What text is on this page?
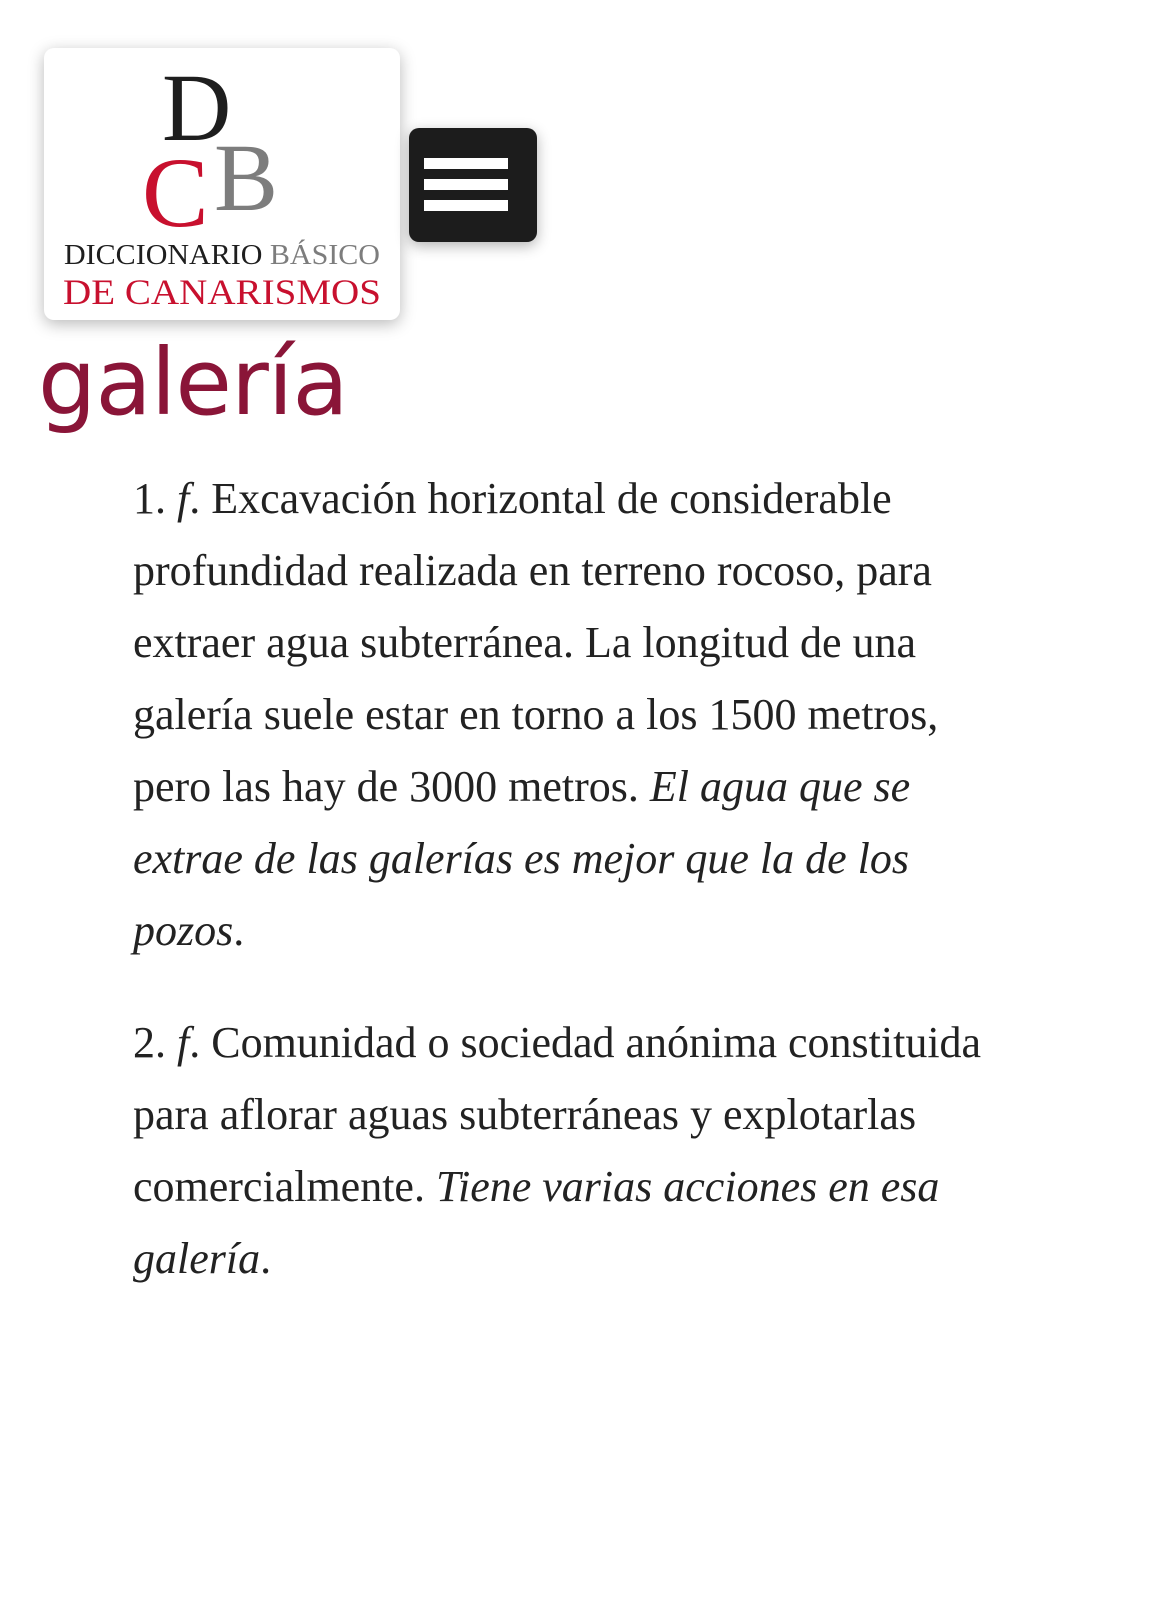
D
B
C
DICCIONARIO BÁSICO
DE CANARISMOS
galería

1. f. Excavación horizontal de considerable profundidad realizada en terreno rocoso, para extraer agua subterránea. La longitud de una galería suele estar en torno a los 1500 metros, pero las hay de 3000 metros. El agua que se extrae de las galerías es mejor que la de los pozos.

2. f. Comunidad o sociedad anónima constituida para aflorar aguas subterráneas y explotarlas comercialmente. Tiene varias acciones en esa galería.
